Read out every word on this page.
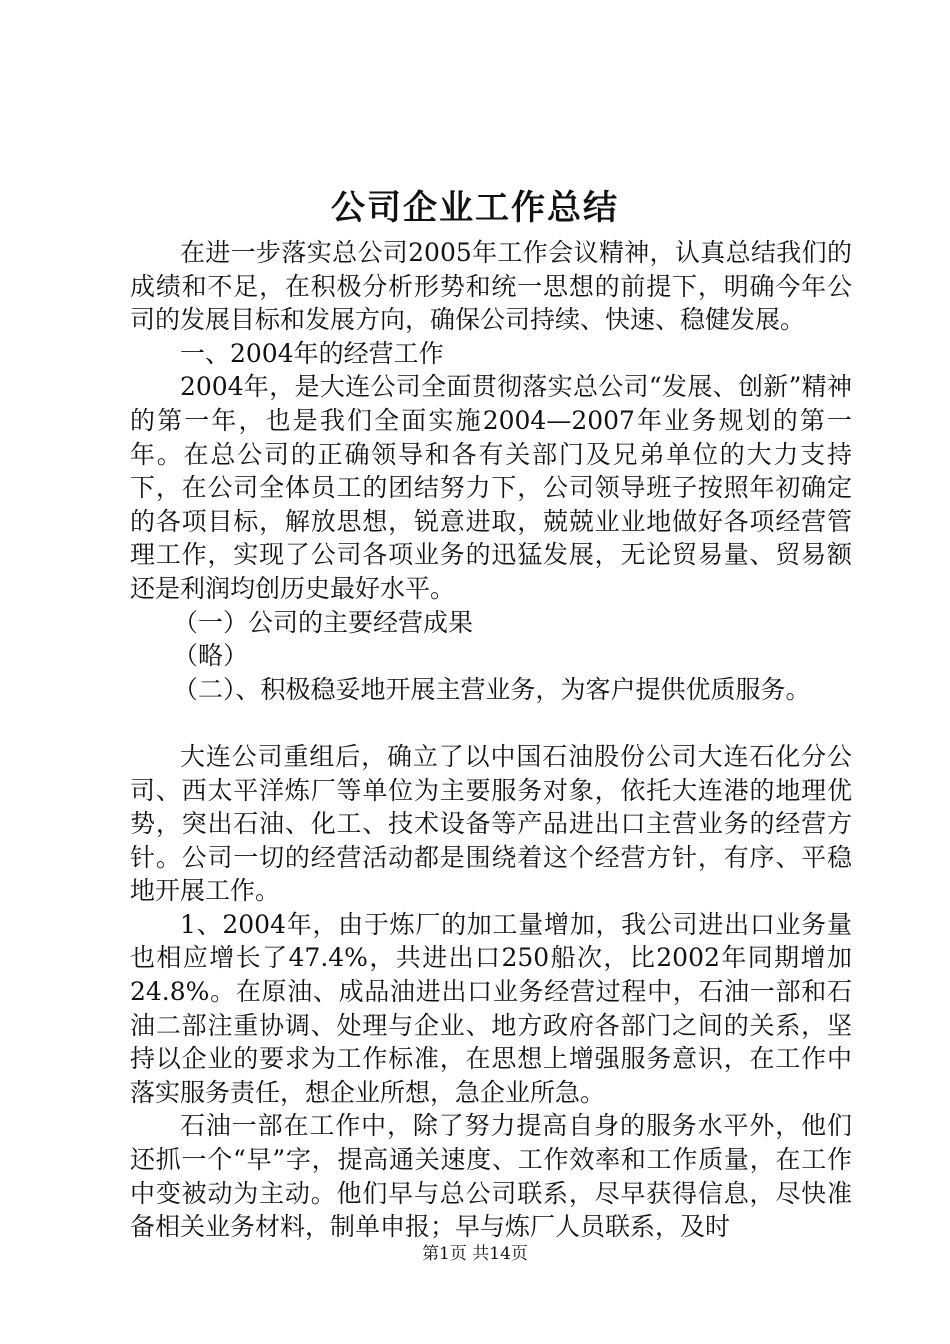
公司企业工作总结

在进一步落实总公司2005年工作会议精神，认真总结我们的成绩和不足，在积极分析形势和统一思想的前提下，明确今年公司的发展目标和发展方向，确保公司持续、快速、稳健发展。

一、2004年的经营工作

2004年，是大连公司全面贯彻落实总公司“发展、创新”精神的第一年，也是我们全面实施2004—2007年业务规划的第一年。在总公司的正确领导和各有关部门及兄弟单位的大力支持下，在公司全体员工的团结努力下，公司领导班子按照年初确定的各项目标，解放思想，锐意进取，兢兢业业地做好各项经营管理工作，实现了公司各项业务的迅猛发展，无论贸易量、贸易额还是利润均创历史最好水平。

（一）公司的主要经营成果

（略）

（二）、积极稳妥地开展主营业务，为客户提供优质服务。

大连公司重组后，确立了以中国石油股份公司大连石化分公司、西太平洋炼厂等单位为主要服务对象，依托大连港的地理优势，突出石油、化工、技术设备等产品进出口主营业务的经营方针。公司一切的经营活动都是围绕着这个经营方针，有序、平稳地开展工作。

1、2004年，由于炼厂的加工量增加，我公司进出口业务量也相应增长了47.4%，共进出口250船次，比2002年同期增加24.8%。在原油、成品油进出口业务经营过程中，石油一部和石油二部注重协调、处理与企业、地方政府各部门之间的关系，坚持以企业的要求为工作标准，在思想上增强服务意识，在工作中落实服务责任，想企业所想，急企业所急。

石油一部在工作中，除了努力提高自身的服务水平外，他们还抓一个“早”字，提高通关速度、工作效率和工作质量，在工作中变被动为主动。他们早与总公司联系，尽早获得信息，尽快准备相关业务材料，制单申报；早与炼厂人员联系，及时

第1页 共14页
